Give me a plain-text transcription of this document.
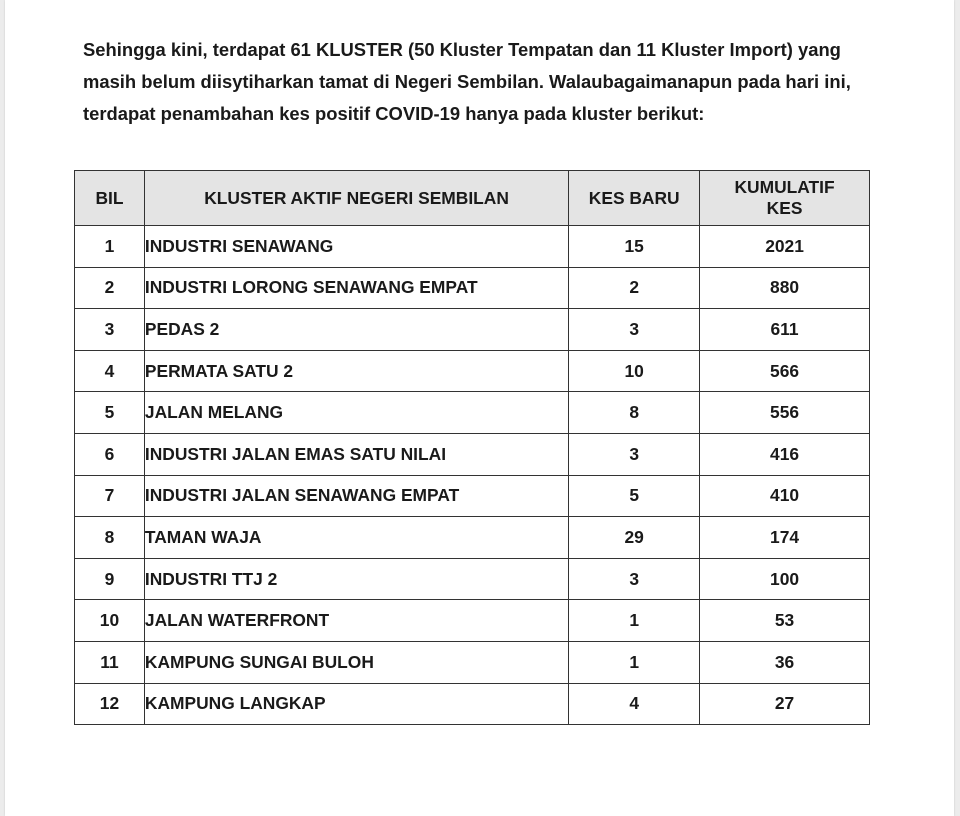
Sehingga kini, terdapat 61 KLUSTER (50 Kluster Tempatan dan 11 Kluster Import) yang

masih belum diisytiharkan tamat di Negeri Sembilan. Walaubagaimanapun pada hari ini,

terdapat penambahan kes positif COVID-19 hanya pada kluster berikut:

BIL	KLUSTER AKTIF NEGERI SEMBILAN	KES BARU	KUMULATIF
KES
1	INDUSTRI SENAWANG	15	2021
2	INDUSTRI LORONG SENAWANG EMPAT	2	880
3	PEDAS 2	3	611
4	PERMATA SATU 2	10	566
5	JALAN MELANG	8	556
6	INDUSTRI JALAN EMAS SATU NILAI	3	416
7	INDUSTRI JALAN SENAWANG EMPAT	5	410
8	TAMAN WAJA	29	174
9	INDUSTRI TTJ 2	3	100
10	JALAN WATERFRONT	1	53
11	KAMPUNG SUNGAI BULOH	1	36
12	KAMPUNG LANGKAP	4	27
